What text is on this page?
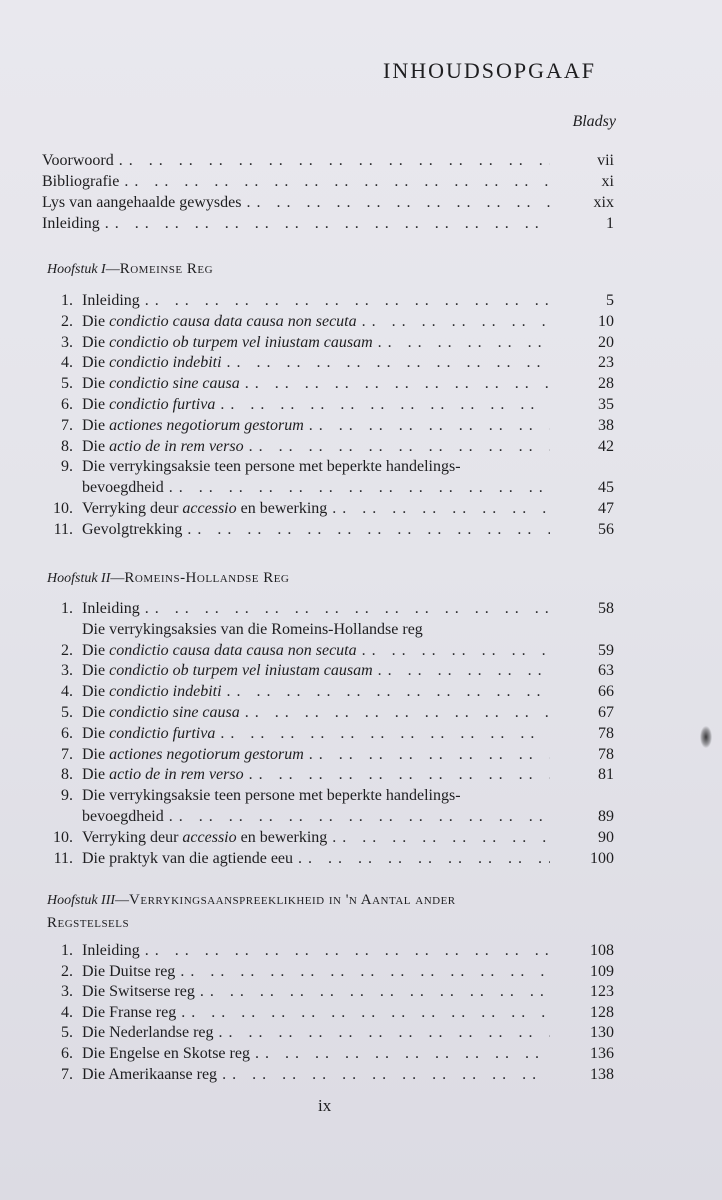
INHOUDSOPGAAF
Bladsy
Voorwoord . .	vii
Bibliografie . .	xi
Lys van aangehaalde gewysdes . .	xix
Inleiding . .	1
Hoofstuk I—Romeinse Reg
1. Inleiding . .	5
2. Die condictio causa data causa non secuta . .	10
3. Die condictio ob turpem vel iniustam causam . .	20
4. Die condictio indebiti . .	23
5. Die condictio sine causa . .	28
6. Die condictio furtiva . .	35
7. Die actiones negotiorum gestorum . .	38
8. Die actio de in rem verso . .	42
9. Die verrykingsaksie teen persone met beperkte handelings-
bevoegdheid . .	45
10. Verryking deur accessio en bewerking . .	47
11. Gevolgtrekking . .	56
Hoofstuk II—Romeins-Hollandse Reg
1. Inleiding . .	58
Die verrykingsaksies van die Romeins-Hollandse reg
2. Die condictio causa data causa non secuta . .	59
3. Die condictio ob turpem vel iniustam causam . .	63
4. Die condictio indebiti . .	66
5. Die condictio sine causa . .	67
6. Die condictio furtiva . .	78
7. Die actiones negotiorum gestorum . .	78
8. Die actio de in rem verso . .	81
9. Die verrykingsaksie teen persone met beperkte handelings-
bevoegdheid . .	89
10. Verryking deur accessio en bewerking . .	90
11. Die praktyk van die agtiende eeu . .	100
Hoofstuk III—Verrykingsaanspreeklikheid in 'n Aantal ander
Regstelsels
1. Inleiding . .	108
2. Die Duitse reg . .	109
3. Die Switserse reg . .	123
4. Die Franse reg . .	128
5. Die Nederlandse reg . .	130
6. Die Engelse en Skotse reg . .	136
7. Die Amerikaanse reg . .	138
ix
